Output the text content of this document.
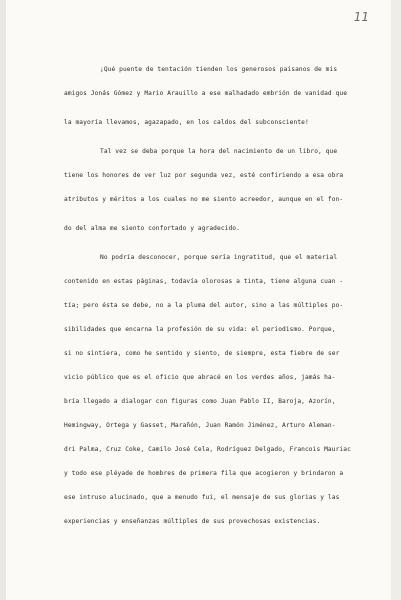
11
¡Qué puente de tentación tienden los generosos paisanos de mis
amigos Jonás Gómez y Mario Arauillo a ese malhadado embrión de vanidad que
la mayoría llevamos, agazapado, en los caldos del subconsciente!
Tal vez se deba porque la hora del nacimiento de un libro, que
tiene los honores de ver luz por segunda vez, esté confiriendo a esa obra
atributos y méritos a los cuales no me siento acreedor, aunque en el fon-
do del alma me siento confortado y agradecido.
No podría desconocer, porque sería ingratitud, que el material
contenido en estas páginas, todavía olorosas a tinta, tiene alguna cuan -
tía; pero ésta se debe, no a la pluma del autor, sino a las múltiples po-
sibilidades que encarna la profesión de su vida: el periodismo. Porque,
si no sintiera, como he sentido y siento, de siempre, esta fiebre de ser
vicio público que es el oficio que abracé en los verdes años, jamás ha-
bría llegado a dialogar con figuras como Juan Pablo II, Baroja, Azorín,
Hemingway, Ortega y Gasset, Marañón, Juan Ramón Jiménez, Arturo Aleman-
dri Palma, Cruz Coke, Camilo José Cela, Rodríguez Delgado, Francois Mauriac
y todo ese pléyade de hombres de primera fila que acogieron y brindaron a
ese intruso alucinado, que a menudo fui, el mensaje de sus glorias y las
experiencias y enseñanzas múltiples de sus provechosas existencias.
